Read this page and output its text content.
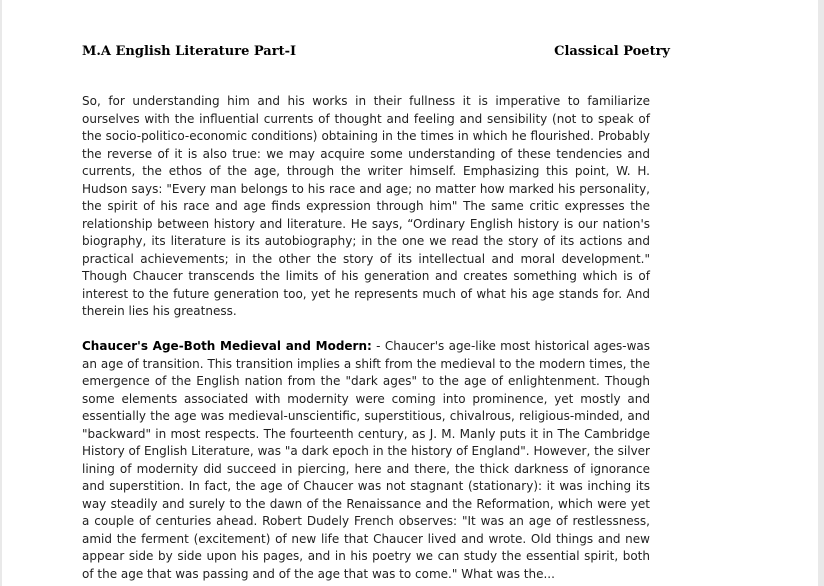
M.A English Literature Part-I	Classical Poetry

So, for understanding him and his works in their fullness it is imperative to familiarize ourselves with the influential currents of thought and feeling and sensibility (not to speak of the socio-politico-economic conditions) obtaining in the times in which he flourished. Probably the reverse of it is also true: we may acquire some understanding of these tendencies and currents, the ethos of the age, through the writer himself. Emphasizing this point, W. H. Hudson says: "Every man belongs to his race and age; no matter how marked his personality, the spirit of his race and age finds expression through him" The same critic expresses the relationship between history and literature. He says, “Ordinary English history is our nation's biography, its literature is its autobiography; in the one we read the story of its actions and practical achievements; in the other the story of its intellectual and moral development." Though Chaucer transcends the limits of his generation and creates something which is of interest to the future generation too, yet he represents much of what his age stands for. And therein lies his greatness.

Chaucer's Age-Both Medieval and Modern: - Chaucer's age-like most historical ages-was an age of transition. This transition implies a shift from the medieval to the modern times, the emergence of the English nation from the "dark ages" to the age of enlightenment. Though some elements associated with modernity were coming into prominence, yet mostly and essentially the age was medieval-unscientific, superstitious, chivalrous, religious-minded, and "backward" in most respects. The fourteenth century, as J. M. Manly puts it in The Cambridge History of English Literature, was "a dark epoch in the history of England". However, the silver lining of modernity did succeed in piercing, here and there, the thick darkness of ignorance and superstition. In fact, the age of Chaucer was not stagnant (stationary): it was inching its way steadily and surely to the dawn of the Renaissance and the Reformation, which were yet a couple of centuries ahead. Robert Dudely French observes: "It was an age of restlessness, amid the ferment (excitement) of new life that Chaucer lived and wrote. Old things and new appear side by side upon his pages, and in his poetry we can study the essential spirit, both of the age that was passing and of the age that was to come." What was the...
